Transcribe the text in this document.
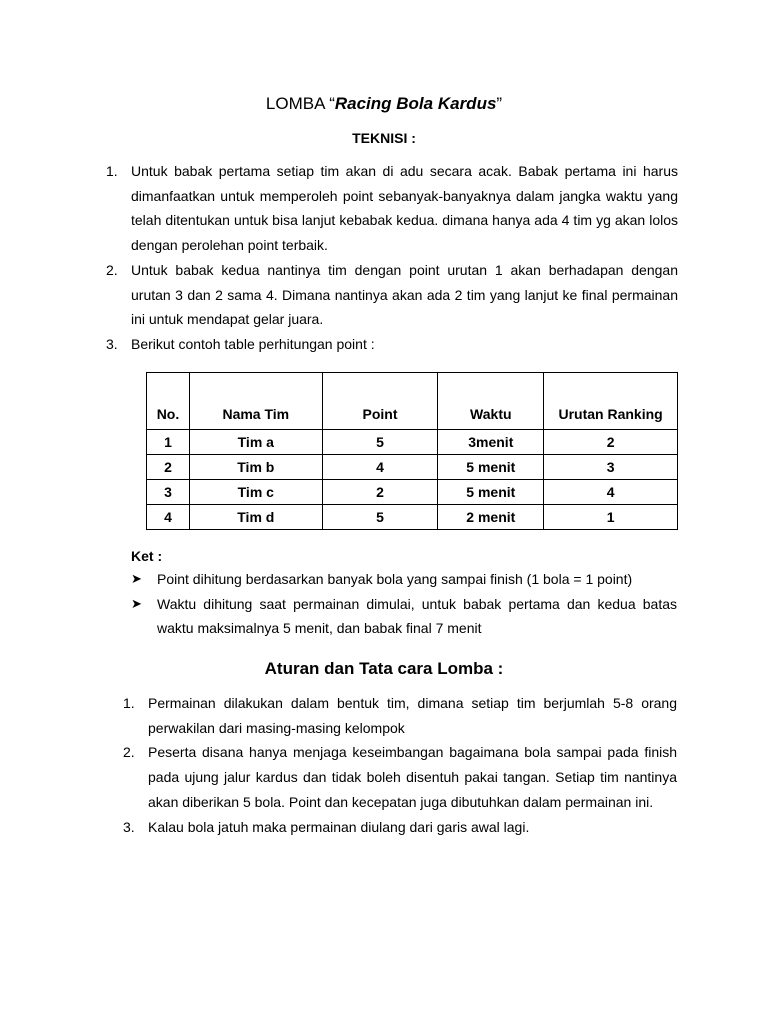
LOMBA “Racing Bola Kardus”
TEKNISI :
1. Untuk babak pertama setiap tim akan di adu secara acak. Babak pertama ini harus dimanfaatkan untuk memperoleh point sebanyak-banyaknya dalam jangka waktu yang telah ditentukan untuk bisa lanjut kebabak kedua. dimana hanya ada 4 tim yg akan lolos dengan perolehan point terbaik.
2. Untuk babak kedua nantinya tim dengan point urutan 1 akan berhadapan dengan urutan 3 dan 2 sama 4. Dimana nantinya akan ada 2 tim yang lanjut ke final permainan ini untuk mendapat gelar juara.
3. Berikut contoh table perhitungan point :
No.	Nama Tim	Point	Waktu	Urutan Ranking
1	Tim a	5	3menit	2
2	Tim b	4	5 menit	3
3	Tim c	2	5 menit	4
4	Tim d	5	2 menit	1
Ket :
➤ Point dihitung berdasarkan banyak bola yang sampai finish (1 bola = 1 point)
➤ Waktu dihitung saat permainan dimulai, untuk babak pertama dan kedua batas waktu maksimalnya 5 menit, dan babak final 7 menit
Aturan dan Tata cara Lomba :
1. Permainan dilakukan dalam bentuk tim, dimana setiap tim berjumlah 5-8 orang perwakilan dari masing-masing kelompok
2. Peserta disana hanya menjaga keseimbangan bagaimana bola sampai pada finish pada ujung jalur kardus dan tidak boleh disentuh pakai tangan. Setiap tim nantinya akan diberikan 5 bola. Point dan kecepatan juga dibutuhkan dalam permainan ini.
3. Kalau bola jatuh maka permainan diulang dari garis awal lagi.
